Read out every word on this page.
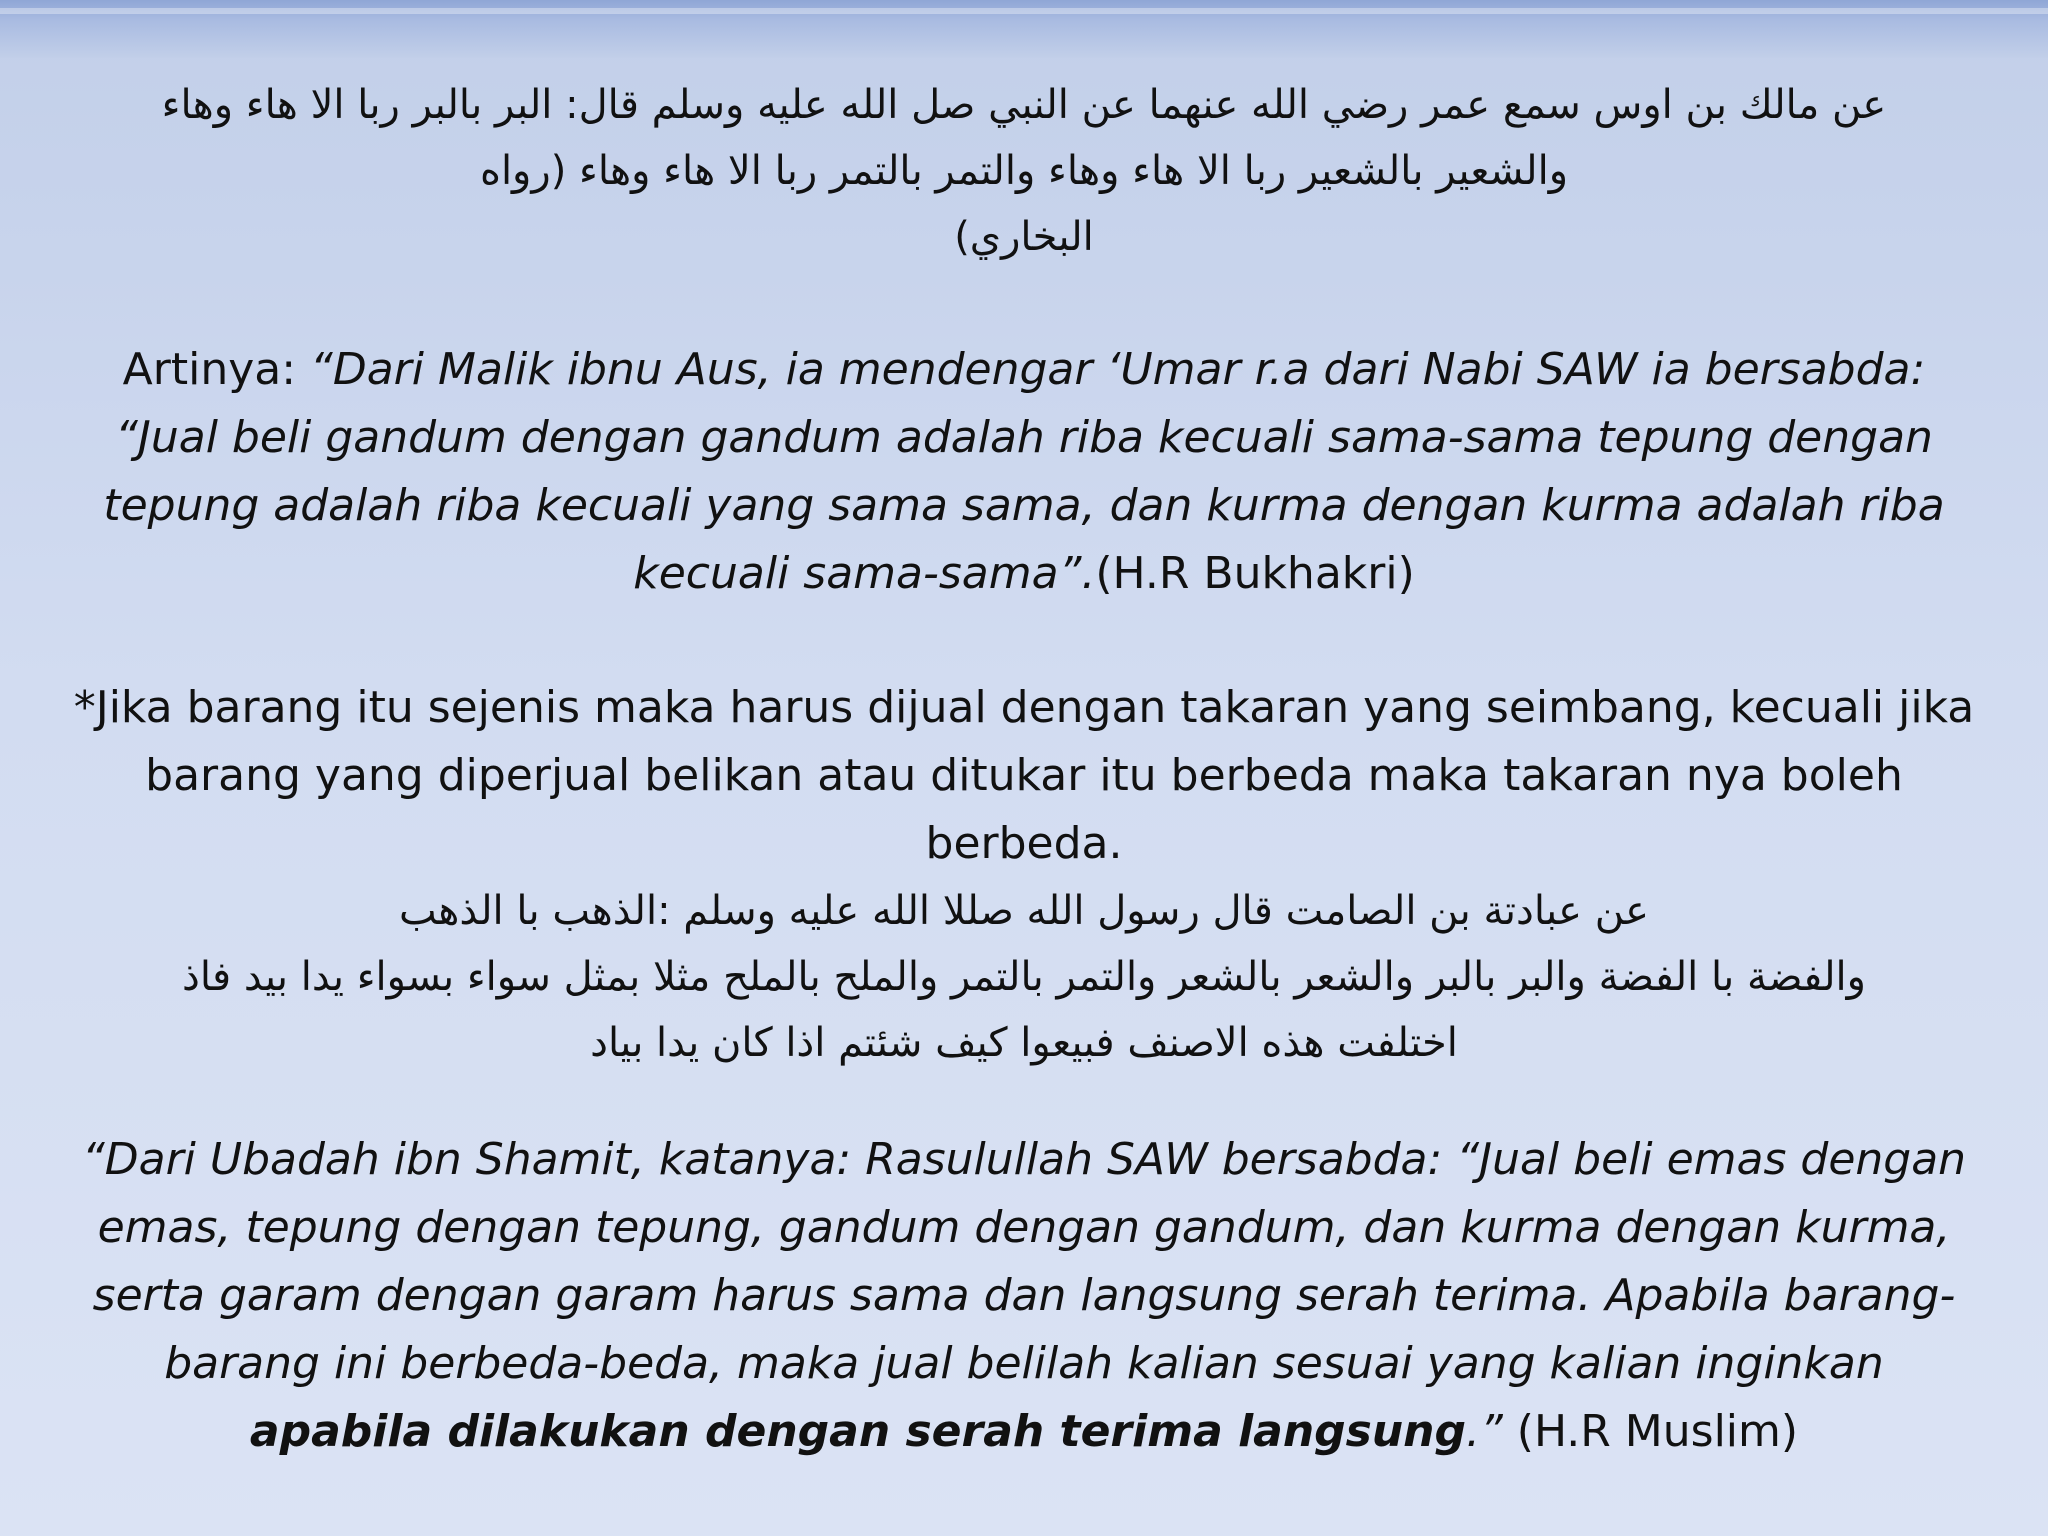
عن مالك بن اوس سمع عمر رضي الله عنهما عن النبي صل الله عليه وسلم قال: البر بالبر ربا الا هاء وهاء

والشعير بالشعير ربا الا هاء وهاء والتمر بالتمر ربا الا هاء وهاء (رواه

البخاري)

Artinya: “Dari Malik ibnu Aus, ia mendengar ‘Umar r.a dari Nabi SAW ia bersabda: “Jual beli gandum dengan gandum adalah riba kecuali sama-sama tepung dengan tepung adalah riba kecuali yang sama sama, dan kurma dengan kurma adalah riba kecuali sama-sama”.(H.R Bukhakri)

*Jika barang itu sejenis maka harus dijual dengan takaran yang seimbang, kecuali jika barang yang diperjual belikan atau ditukar itu berbeda maka takaran nya boleh berbeda.

عن عبادتة بن الصامت قال رسول الله صللا الله عليه وسلم :الذهب با الذهب

والفضة با الفضة والبر بالبر والشعر بالشعر والتمر بالتمر والملح بالملح مثلا بمثل سواء بسواء يدا بيد فاذ

اختلفت هذه الاصنف فبيعوا كيف شئتم اذا كان يدا بياد

“Dari Ubadah ibn Shamit, katanya: Rasulullah SAW bersabda: “Jual beli emas dengan emas, tepung dengan tepung, gandum dengan gandum, dan kurma dengan kurma, serta garam dengan garam harus sama dan langsung serah terima. Apabila barang-barang ini berbeda-beda, maka jual belilah kalian sesuai yang kalian inginkan apabila dilakukan dengan serah terima langsung.” (H.R Muslim)
